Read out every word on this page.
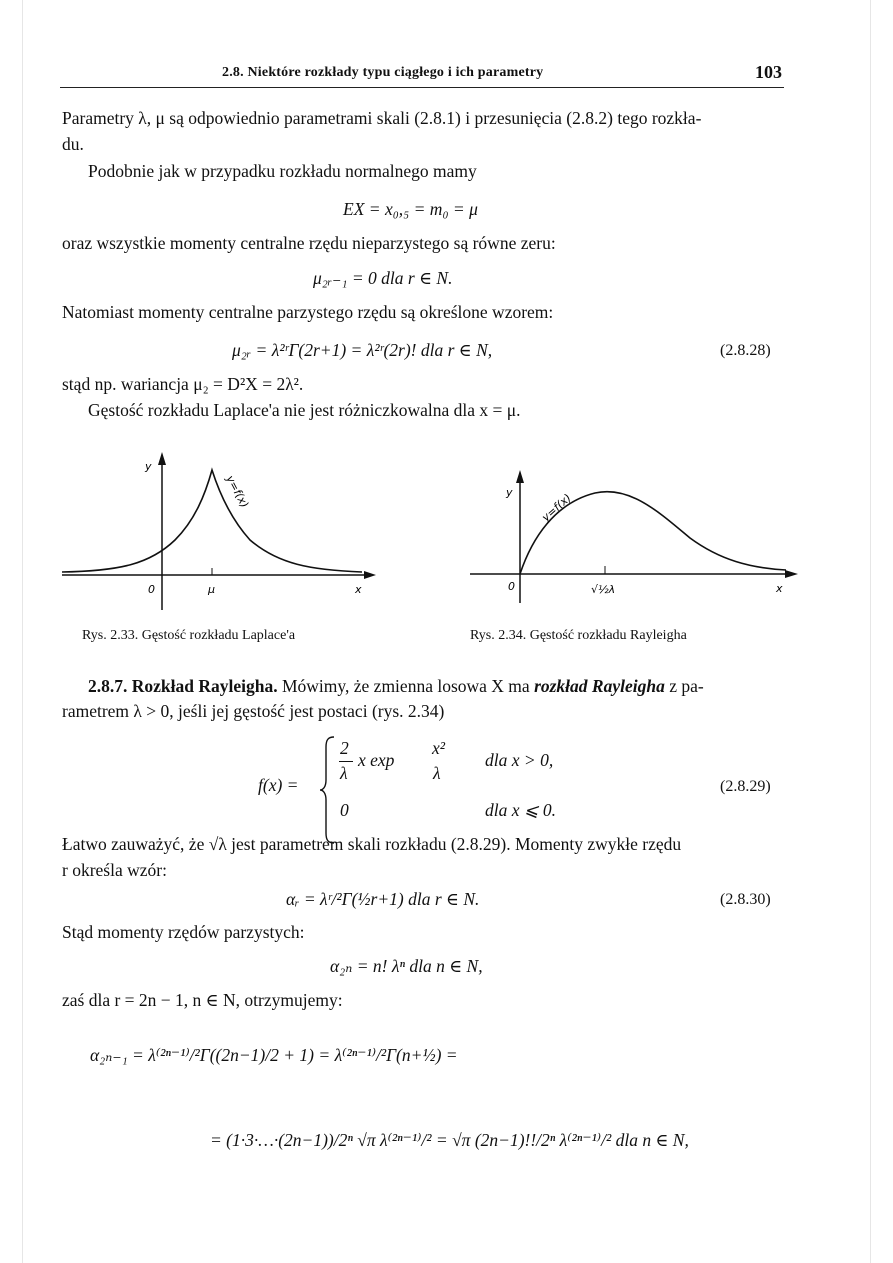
2.8. Niektóre rozkłady typu ciągłego i ich parametry	103
Parametry λ, μ są odpowiednio parametrami skali (2.8.1) i przesunięcia (2.8.2) tego rozkła-
du.
Podobnie jak w przypadku rozkładu normalnego mamy
EX = x₀,₅ = m₀ = μ
oraz wszystkie momenty centralne rzędu nieparzystego są równe zeru:
μ₂ᵣ₋₁ = 0 dla r ∈ N.
Natomiast momenty centralne parzystego rzędu są określone wzorem:
μ₂ᵣ = λ²ʳΓ(2r+1) = λ²ʳ(2r)! dla r ∈ N,	(2.8.28)
stąd np. wariancja μ₂ = D²X = 2λ².
Gęstość rozkładu Laplace'a nie jest różniczkowalna dla x = μ.
y
0	μ	x
y=f(x)
Rys. 2.33. Gęstość rozkładu Laplace'a
y
0	√½λ	x
y=f(x)
Rys. 2.34. Gęstość rozkładu Rayleigha
2.8.7. Rozkład Rayleigha. Mówimy, że zmienna losowa X ma rozkład Rayleigha z pa-
rametrem λ > 0, jeśli jej gęstość jest postaci (rys. 2.34)
f(x) =
2
λ
x exp
x²
λ
dla x > 0,
0	dla x ⩽ 0.
(2.8.29)
Łatwo zauważyć, że √λ jest parametrem skali rozkładu (2.8.29). Momenty zwykłe rzędu
r określa wzór:
αᵣ = λʳ/²Γ(½r+1) dla r ∈ N.	(2.8.30)
Stąd momenty rzędów parzystych:
α₂ₙ = n! λⁿ dla n ∈ N,
zaś dla r = 2n − 1, n ∈ N, otrzymujemy:
α₂ₙ₋₁ = λ⁽²ⁿ⁻¹⁾/²Γ((2n−1)/2 + 1) = λ⁽²ⁿ⁻¹⁾/²Γ(n+½) =
= (1·3·…·(2n−1))/2ⁿ √π λ⁽²ⁿ⁻¹⁾/² = √π (2n−1)!!/2ⁿ λ⁽²ⁿ⁻¹⁾/² dla n ∈ N,
